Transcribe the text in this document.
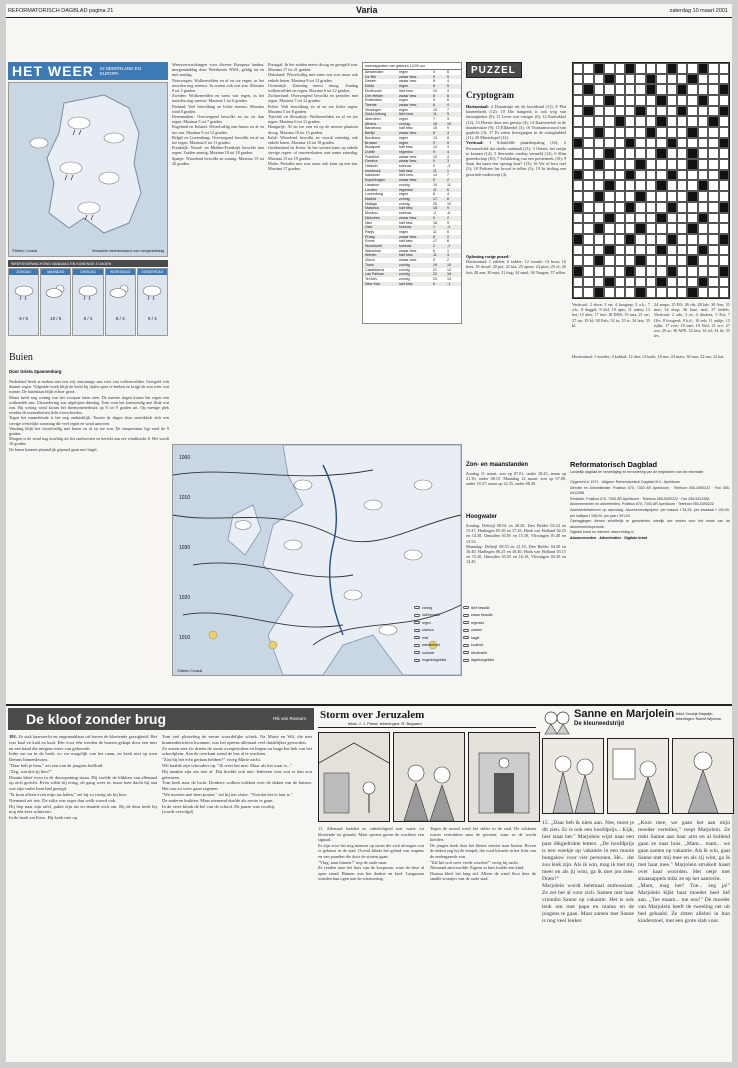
REFORMATORISCH DAGBLAD pagina 21	Varia	zaterdag 10 maart 2001
HET WEER IN NEDERLAND EN EUROPA
©Meteo Consult	Verwachte weerstoestand voor morgenmiddag
WEERSVERWACHTING VANDAAG EN KOMENDE 4 DAGEN
ZONDAG
9 / 6
MAANDAG
10 / 5
DINSDAG
8 / 4
WOENSDAG
8 / 3
DONDERDAG
9 / 4
Buien
Door Grieta Spannenburg
Nederland heeft te maken met een vrij onstuimige aan voer van wolkenvelden. Geregeld valt daaruit regen. Volgende week blijft de lucht bij tijden open te breken en krijgt de zon weer wat ruimte. De buienlaan blijft echter groot.
Maart heeft nog weinig van het voorjaar laten zien. De meeste dagen kwam het regen een wolkendek aan. Uitzondering was afgelopen dinsdag. Toen won het kortstondig met flink wat zon. Bij weinig wind kwam het thermometerkwik op 8 tot 9 graden uit. Op menige plek werden de normaliteiten licht overschreden.
Tegen het maandeinde is het nog onduidelijk. Tussen de dagen door ontwikkelt zich een stevige westelijke stroming die veel regen en wind aanvoert.
Vandaag blijft het wisselvallig met buien en af en toe zon. De temperatuur ligt rond de 9 graden.
Morgen is de wind nog krachtig uit het zuidwesten en bereikt aan zee windkracht 6. Het wordt 10 graden.
De buien kunnen plaatselijk gepaard gaan met hagel.
Weersverwachtingen voor diverse Europese landen, morgenmiddag door Weerhaven NWA, geldig tot en met zondag.
Noorwegen: Wolkenvelden en af en toe regen, in het noorden nog sneeuw. In oosten ook wat zon. Maxima 0 tot 5 graden.
Zweden: Wolkenvelden en soms wat regen, in het noorden nog sneeuw. Maxima 1 tot 6 graden.
Finland: Veel bewolking en lichte sneeuw. Maxima rond 0 graden.
Denemarken: Overwegend bewolkt en nu en dan regen. Maxima 5 tot 7 graden.
Engeland en Ierland: Wisselvallig met buien en af en toe zon. Maxima 9 tot 12 graden.
België en Luxemburg: Overwegend bewolkt en af en toe regen. Maxima 8 tot 11 graden.
Frankrijk: Noord- en Midden-Frankrijk bewolkt met regen. Zuiden zonnig. Maxima 10 tot 18 graden.
Spanje: Wisselend bewolkt en zonnig. Maxima 15 tot 20 graden.
Portugal: In het zuiden meest droog en geregeld zon. Maxima 17 tot 21 graden.
Duitsland: Wisselvallig met soms wat zon, maar ook enkele buien. Maxima 8 tot 12 graden.
Oostenrijk: Zaterdag meest droog. Zondag wolkenvelden en regen. Maxima 6 tot 12 graden.
Zwitserland: Overwegend bewolkt en periodes met regen. Maxima 7 tot 12 graden.
Polen: Veel bewolking en af en toe lichte regen. Maxima 5 tot 8 graden.
Tsjechië en Slowakije: Wolkenvelden en af en toe regen. Maxima 6 tot 11 graden.
Hongarije: Af en toe zon en op de meeste plaatsen droog. Maxima 10 tot 15 graden.
Italië: Wisselend bewolkt en vooral zaterdag ook enkele buien. Maxima 14 tot 18 graden.
Griekenland en Kreta: In het westen kans op enkele stevige regen- of onweersbuien, met name zaterdag. Maxima 15 tot 19 graden.
Malta: Periodes met zon, maar ook kans op een bui. Maxima 17 graden.
weerrapporten van gisteren 13:00 uur
Amsterdam	regen	9	6
De Bilt	zwaar bew.	9	5
Deelen	zwaar bew.	8	4
Eelde	regen	8	5
Eindhoven	licht bew.	10	4
Den Helder	zwaar bew.	8	6
Rotterdam	regen	9	6
Twente	zwaar bew.	8	4
Vlissingen	regen	10	7
Zuid-Limburg	licht bew.	11	5
Aberdeen	regen	7	3
Athene	zonnig	18	10
Barcelona	half bew.	16	9
Berlijn	zwaar bew.	8	3
Bordeaux	regen	13	8
Brussel	regen	9	5
Budapest	half bew.	12	4
Dublin	regenbui	9	4
Frankfurt	zwaar bew.	10	4
Genève	zwaar bew.	9	3
Helsinki	sneeuw	0	-3
Innsbruck	half bew.	11	1
Istanboel	licht bew.	14	7
Kopenhagen	zwaar bew.	5	2
Lissabon	zonnig	19	11
Londen	regenbui	11	6
Luxemburg	regen	8	4
Madrid	zonnig	17	6
Málaga	zonnig	20	10
Mallorca	half bew.	18	9
Moskou	sneeuw	-2	-6
München	zwaar bew.	9	2
Nice	half bew.	16	9
Oslo	sneeuw	1	-4
Parijs	regen	11	6
Praag	zwaar bew.	8	2
Rome	half bew.	17	8
Stockholm	sneeuw	2	-2
Warschau	zwaar bew.	6	1
Wenen	half bew.	11	3
Zürich	zwaar bew.	9	2
Tunis	zonnig	19	10
Casablanca	zonnig	21	12
Las Palmas	zonnig	22	16
Tel Aviv	zonnig	23	13
New York	half bew.	6	-1
PUZZEL
Cryptogram
Horizontaal: 4 Donateurje uit de hoofdstad (11); 8 Plat kaartenboek (12); 10 Die hangerik is ook weg van lawaaipieker (8); 11 Lever wat vrooger (6); 12 Kuiltokkel (12); 13 Hoeste door een geestje (4); 14 Kaarsenvlek in de donatiesuize (9); 15 Elkkerdel (3); 16 Voortaanswoord van geplicht (3); 17 Er zitten bewegingen in de swingbubbel (11); 20 Muziekspel (12).
Verticaal: 1 Schuhfülle plaatsbepaling (16); 2 Personeelslid dat sloeks aanhaalt (11); 3 Ontzet; het ontijn te kennen (12); 5 Sterrenhe roerkip vermeld (12); 6 Slim gereedschap (10); 7 Schildering van een presiemerk (10); 9 Staat dat naast een opvang huis? (13); 16 Ver of kost raef (5); 18 Poliseer het brood te tellen (3); 19 In frisling een gruwisde onderwerp (4).
Oplossing vorige puzzel:
Horizontaal: 1 edelen; 6 ladder; 12 wende; 14 bron; 16 beet; 18 dwarl; 20 pol; 22 kia; 25 opera; 24 pion; 25 ef; 26 fuit; 28 aan; 30 mat; 31 ting; 34 smul; 36 Tongen; 37 tellen.
Verticaal: 2 dove; 3 en; 4 hoogtop; 5 a.k.; 7 a.b.; 8 doggel; 9 dol; 10 upts; 11 adem; 13 hoi; 15 alex; 17 tint; 18 DNS; 19 aria; 21 ser; 27 tar; 29 kl; 30 Fels; 32 ia; 35 ts; 34 leis; 35 kl.
24 mapa; 25 B3; 26 rib; 28 lab; 30 Ans; 31 mer; 34 drop; 36 bare, mol; 37 bedels. Verticaal: 2 ade; 3 es; 4 disdoes; 5 Est; 7 Olv; 8 hoogerd; 9 k.d.; 10 rek; 11 aaltje; 15 rijlin; 17 rvet; 18 met; 19 Ned; 21 erv; 27 ose; 29 ar; 30 APE; 32 kist; 33 tel; 34 tlr; 35 ies.
Horizontaal: 1 woeder; 4 kokbal; 12 den; 14 kode; 16 nee; 24 mars; 30 mar; 22 nar; 23 kat.
1000
1010
1030
1020
1010
©Meteo Consult
zonnig	licht bewolkt
half bewolkt	zwaar bewolkt
regen	regenbui
sneeuw	onweer
mist	hagel
warmtefront	koufront
occlusie	windkracht
hogedrukgebied	lagedrukgebied
Zon- en maanstanden
Zondag 11 maart, zon op 07.01, onder 18.25; maan op 21.30, onder 08.15. Maandag 12 maart, zon op 07.00, onder 18.27; maan op 22.35, onder 08.39.
Hoogwater
Zondag: Delfzijl 08.02 en 20.20, Den Helder 03.34 en 15.47, Harlingen 05.30 en 17.45, Hoek van Holland 02.25 en 14.38, IJmuiden 03.05 en 15.18, Vlissingen 01.40 en 13.52.
Maandag: Delfzijl 08.55 en 21.10, Den Helder 04.20 en 16.40, Harlingen 06.25 en 18.40, Hoek van Holland 03.15 en 15.30, IJmuiden 03.55 en 16.10, Vlissingen 02.30 en 14.45.
Reformatorisch Dagblad
Landelijk dagblad ter verdediging en bevordering van de beginselen van de reformatie
Opgericht in 1971 · Uitgave: Reformatorisch Dagblad B.V., Apeldoorn
Directie en Administratie: Postbus 670, 7300 AR Apeldoorn · Telefoon 055-5390222 · Fax 055-5412288
Redactie: Postbus 670, 7300 AR Apeldoorn · Telefoon 055-5390222 · Fax 055-5412288
Abonnementen en advertenties: Postbus 670, 7300 AR Apeldoorn · Telefoon 055-5390222
Advertentietarieven op aanvraag. Abonnementsprijzen: per maand f 34,25, per kwartaal f 100,50, per halfjaar f 198,00, per jaar f 391,00.
Opzeggingen dienen schriftelijk te geschieden uiterlijk vier weken voor het einde van de abonnementsperiode.
Digitale krant en internet: www.refdag.nl
Abonnementen · Advertenties · Digitale krant
De kloof zonder brug	Rik van Rossum
191. Ze stak kaarsrecht en ongenaakbaar uit boven de bloeiende grazigheid. Het was kaal en kaal en kaal. Eén voor één werden de bomen gekapt door een mes en een hand die nergens meer van gehoorde.
Ieder zat nu in de hoek, zo ver mogelijk van het raam, en keek niet op toen Dennis binnenkwam.
"Daar heb je hem," zei een van de jongens halfluid.
"Zeg, wat doe jij hier?"
Dennis bleef even in de deuropening staan. Hij voelde de blikken van allemaal op zich gericht. Even wilde hij terug, de gang weer in, maar toen dacht hij aan wat zijn vader hem had gezegd.
"Ik kom alleen even mijn tas halen," zei hij zo rustig als hij kon.
Niemand zei iets. De stilte was erger dan welk woord ook.
Hij liep naar zijn tafel, pakte zijn tas en draaide zich om. Bij de deur keek hij nog één keer achterom.
In de hoek zat Kees. Hij keek niet op.
Tom viel plotseling de eerste woordelijke schrik. Na Marie en Wil, die met krantenberichten kwamen, was het opeens allemaal veel duidelijker geworden.
Ze waren met z'n drieën de straat overgestoken en liepen nu langs het hek van het schoolplein. Aan de overkant stond de bus al te wachten.
"Zou hij het echt gedaan hebben?" vroeg Marie zacht.
Wil haalde zijn schouders op. "Ik weet het niet. Maar als het waar is..."
Hij maakte zijn zin niet af. Dat hoefde ook niet. Iedereen wist wat er dan zou gebeuren.
Tom keek naar de lucht. Donkere wolken trokken over de daken van de huizen. Het zou zo weer gaan regenen.
"We moeten met hem praten," zei hij ten slotte. "Voordat het te laat is."
De anderen knikten. Maar niemand durfde als eerste te gaan.
In de verte klonk de bel van de school. De pauze was voorbij.
(wordt vervolgd)
Storm over Jeruzalem
tekst: J. J. Priest; tekeningen: R. Bogaard
11. Allemaal hadden ze onbeledigerd met water tot bloeiende tot geraakt. Maar opeens gaven de wachters een signaal.
Er zijn voor het nog mensen op straat die zich afvragen wat er gebeurt in de stad. Overal klinkt het geluid van wapens en van paarden die door de straten gaan.
"Vlug, naar binnen!" riep de oude man.
Ze renden naar het huis van de koopman, waar de deur al open stond. Binnen was het donker en koel. Langzaam wenden hun ogen aan de schemering.
Tegen de avond werd het stiller in de stad. De soldaten waren vertrokken naar de poorten, waar ze de wacht hielden.
De jongen keek door het kleine venster naar buiten. Boven de daken zag hij de tempel, die rood kleurde in het licht van de ondergaande zon.
"Zal het ooit weer vrede worden?" vroeg hij zacht.
Niemand antwoordde. Ergens in huis huilde een kind.
Daarna bleef het lang stil. Alleen de wind floot door de smalle straatjes van de oude stad.
Sanne en Marjolein
De kleurwedstrijd
tekst: Vroukje Klapwijk; tekeningen: Roelof Wijnsma
15. „Daar heb ik niets aan. Nee, moet je dit zien. Er is ook een hoofdprijs... Kijk, hier staat het." Marjolein wijst naar een paar dikgedrukte letters. „De hoofdprijs is een weekje op vakantie in een mooie bungalow voor vier personen. Hè... dat zou leuk zijn. Als ik win, mag ik met mij meer en als jij wint, ga ik met jou mee. Doen?"
Marjolein wordt helemaal enthousiast. Ze zet het al voor zich. Samen met haar vriendin Sanne op vakantie. Het is ook leuk om met papa en mama en de jongens te gaan. Maar samen met Sanne is nog veel leuker.
„Kom mee, we gaan het aan mijn moeder vertellen," roept Marjolein. Ze trekt Sanne aan haar arm en al hollend gaan ze naar huis. „Mam... mam... we gaan samen op vakantie. Als ik win, gaat Sanne met mij mee en als zij wint, ga ik met haar mee." Marjolein struikelt haast over haar woorden. Het oetje met sinaasappels mikt ze op het aanrecht.
„Mam, mag het? Toe... zeg ja!" Marjolein kijkt haar moeder heel lief aan. „Toe maam... toe nou!" De moeder van Marjolein heeft de tweeling net uit bed gehaald. Ze zitten allebei in hun kinderstoel, met een grote slab voor.
